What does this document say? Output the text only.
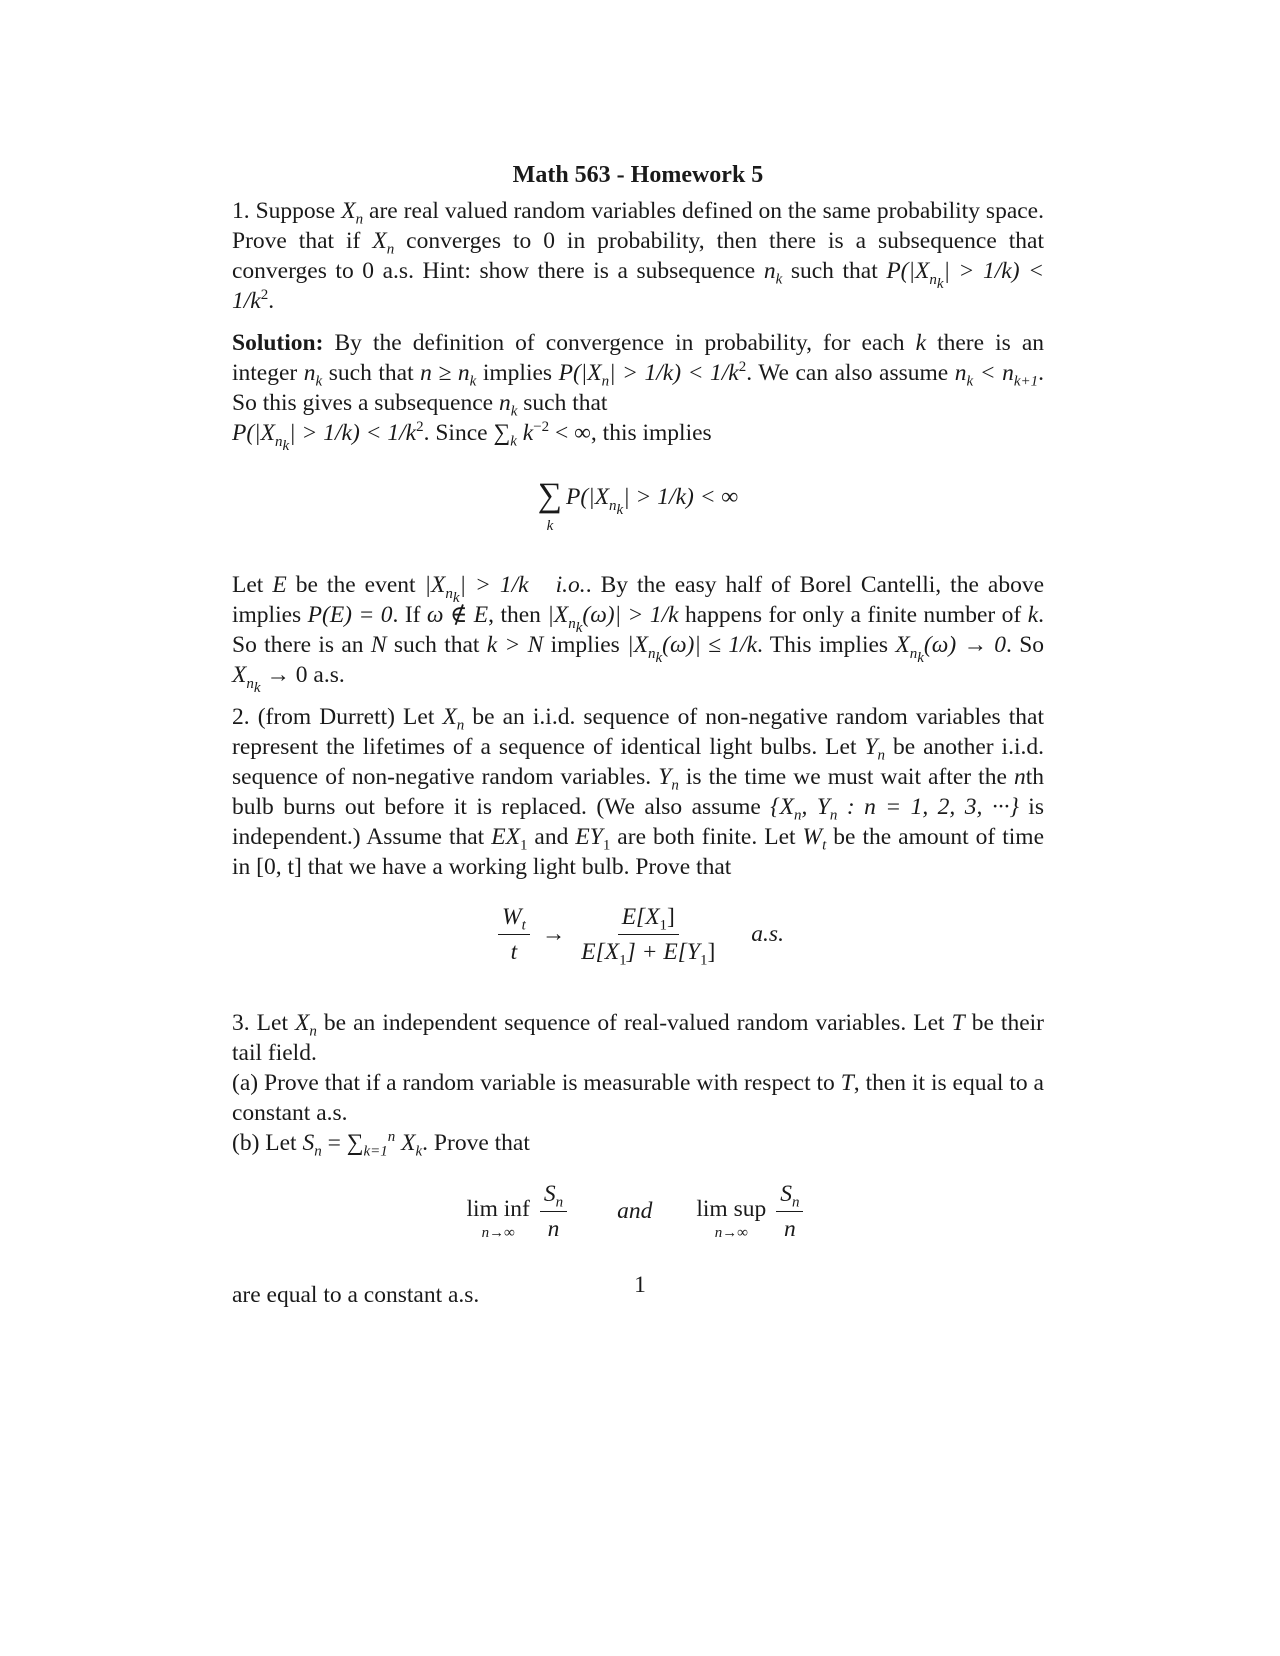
Math 563 - Homework 5

1. Suppose $X_n$ are real valued random variables defined on the same probability space. Prove that if $X_n$ converges to 0 in probability, then there is a subsequence that converges to 0 a.s. Hint: show there is a subsequence $n_k$ such that $P(|X_{n_k}| > 1/k) < 1/k^2$.

Solution: By the definition of convergence in probability, for each k there is an integer $n_k$ such that $n \ge n_k$ implies $P(|X_n| > 1/k) < 1/k^2$. We can also assume $n_k < n_{k+1}$. So this gives a subsequence $n_k$ such that
$P(|X_{n_k}| > 1/k) < 1/k^2$. Since $\sum_k$ $k^{-2}$ < ∞, this implies

∑
k
$P(|X_{n_k}| > 1/k)$ < ∞

Let E be the event $|X_{n_k}| > 1/k$   i.o.. By the easy half of Borel Cantelli, the above implies P(E) = 0. If ω ∉ E, then $|X_{n_k}(\omega)| > 1/k$ happens for only a finite number of k. So there is an N such that k > N implies $|X_{n_k}(\omega)| \le 1/k$. This implies $X_{n_k}(\omega) \to 0$. So $X_{n_k} \to 0$ a.s.

2. (from Durrett) Let $X_n$ be an i.i.d. sequence of non-negative random variables that represent the lifetimes of a sequence of identical light bulbs. Let $Y_n$ be another i.i.d. sequence of non-negative random variables. $Y_n$ is the time we must wait after the nth bulb burns out before it is replaced. (We also assume {$X_n$, $Y_n$ : n = 1, 2, 3, ···} is independent.) Assume that $EX_1$ and $EY_1$ are both finite. Let $W_t$ be the amount of time in [0, t] that we have a working light bulb. Prove that

$\frac{W_t}{t} \to \frac{E[X_1]}{E[X_1] + E[Y_1]} a.s$.

3. Let $X_n$ be an independent sequence of real-valued random variables. Let T be their tail field.

(a) Prove that if a random variable is measurable with respect to T, then it is equal to a constant a.s.

(b) Let $S_n = \sum_{k=1}^n$ $X_k$. Prove that

lim inf
$n\to\infty \frac{S_n}{n}$ and lim sup
$n\to\infty \frac{S_n}{n}$

are equal to a constant a.s.	1
